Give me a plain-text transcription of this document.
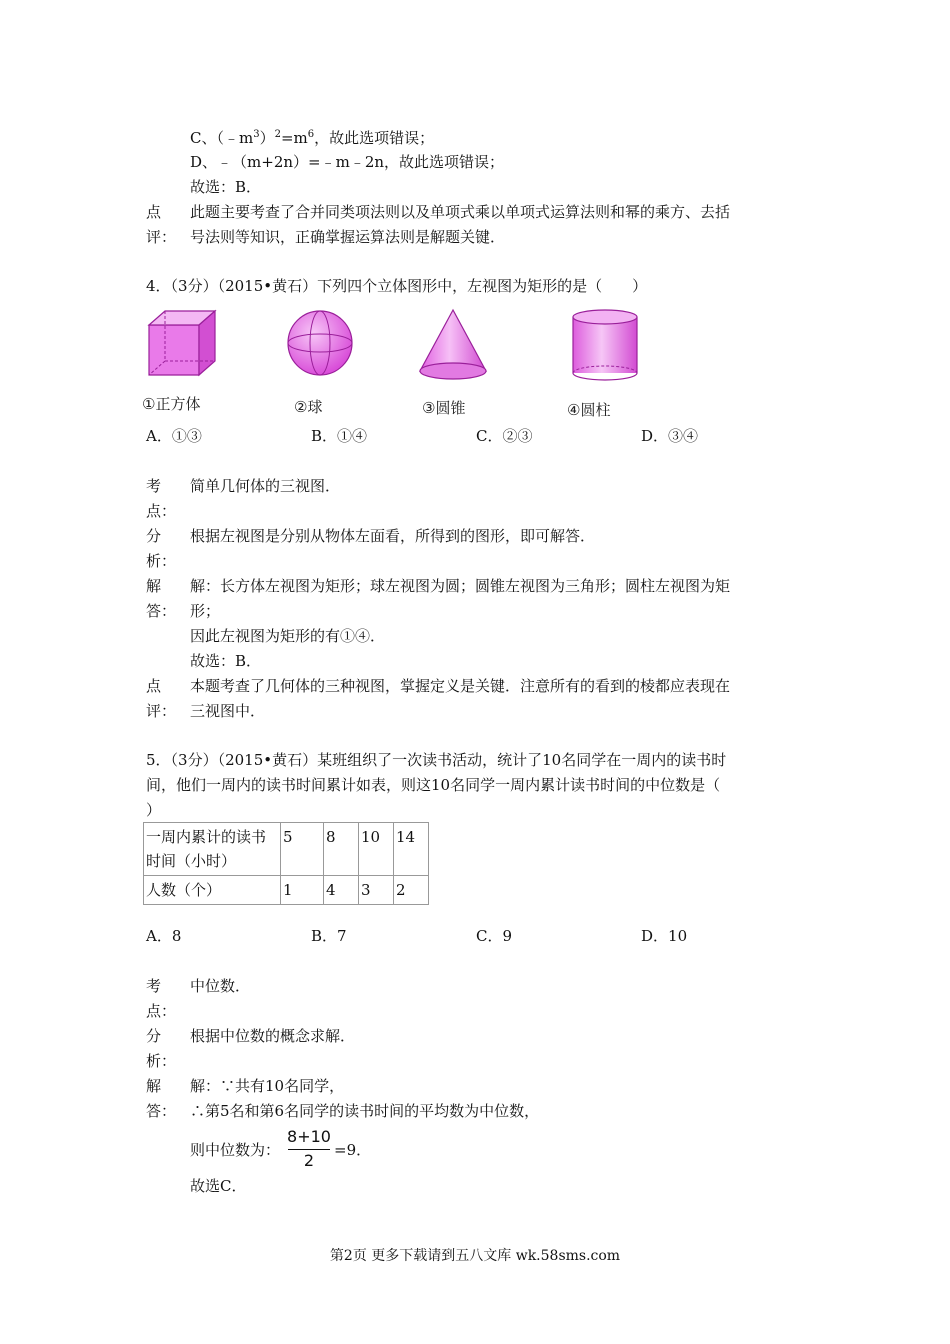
C、$(﹣m^3)^2=m^6$，故此选项错误；
D、﹣（m+2n）=﹣m﹣2n，故此选项错误；
故选：B．
点评：
此题主要考查了合并同类项法则以及单项式乘以单项式运算法则和幂的乘方、去括
号法则等知识，正确掌握运算法则是解题关键．
4．（3分）（2015•黄石）下列四个立体图形中，左视图为矩形的是（　　）
①正方体	②球	③圆锥	④圆柱
A．①③	B．①④	C．②③	D．③④
考点：
简单几何体的三视图．
分析：
根据左视图是分别从物体左面看，所得到的图形，即可解答．
解答：
解：长方体左视图为矩形；球左视图为圆；圆锥左视图为三角形；圆柱左视图为矩
形；
因此左视图为矩形的有①④．
故选：B．
点评：
本题考查了几何体的三种视图，掌握定义是关键．注意所有的看到的棱都应表现在
三视图中．
5．（3分）（2015•黄石）某班组织了一次读书活动，统计了10名同学在一周内的读书时
间，他们一周内的读书时间累计如表，则这10名同学一周内累计读书时间的中位数是（
）
一周内累计的读书时间（小时）	5	8	10	14
人数（个）	1	4	3	2
A．8	B．7	C．9	D．10
考点：
中位数．
分析：
根据中位数的概念求解．
解答：
解：∵共有10名同学，
∴第5名和第6名同学的读书时间的平均数为中位数，
则中位数为：
8+10
2
=9．
故选C．
第2页 更多下载请到五八文库 wk.58sms.com
